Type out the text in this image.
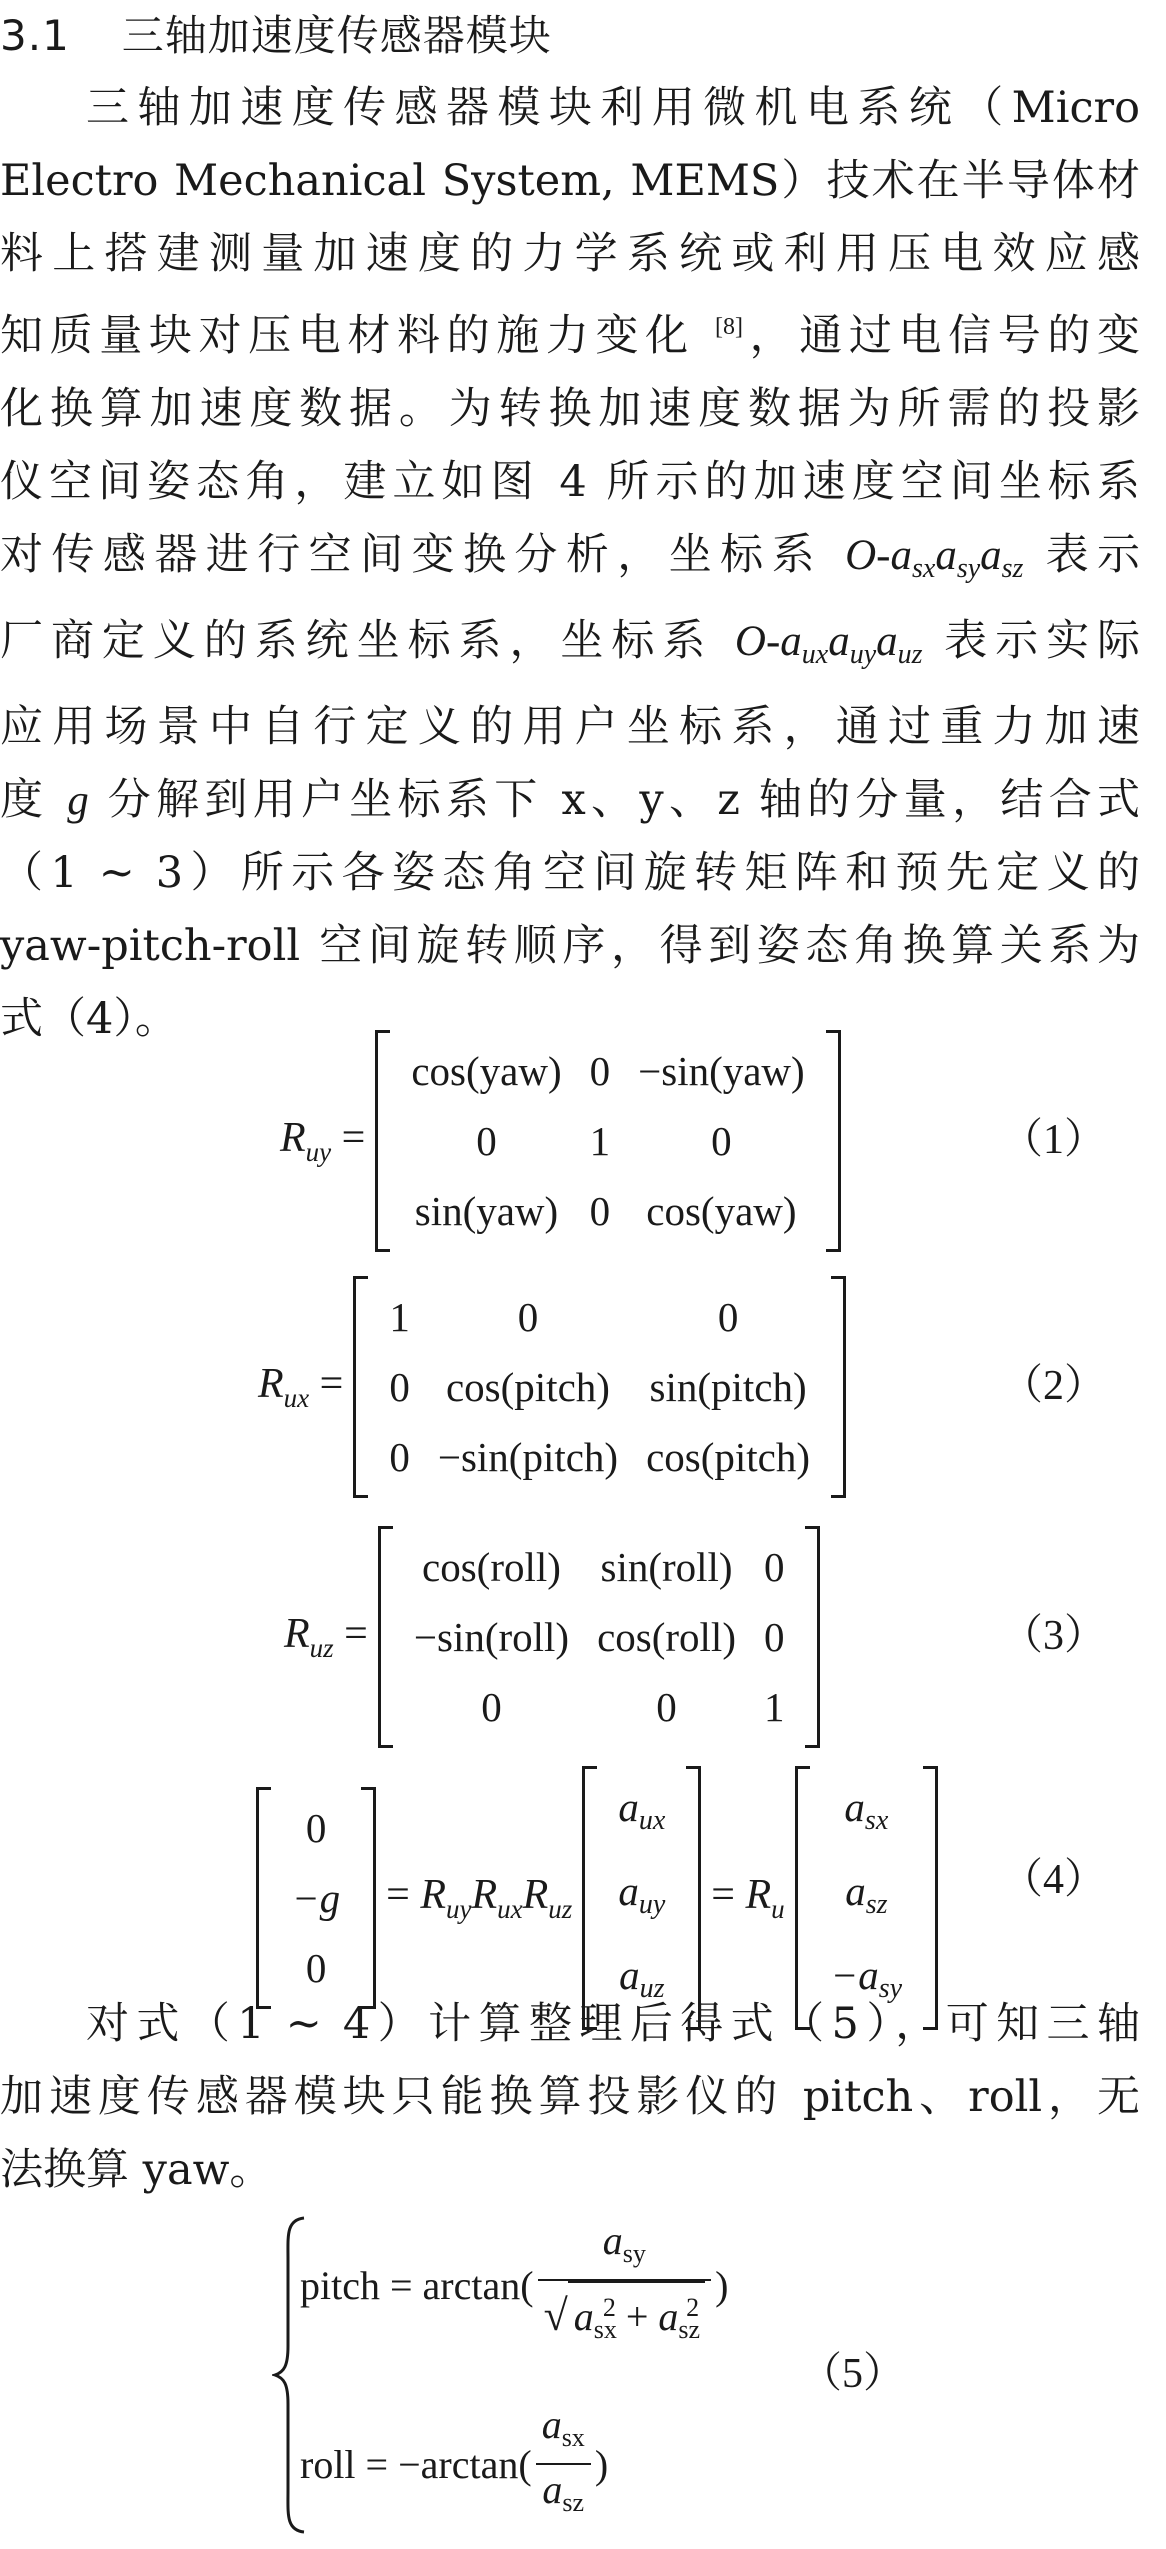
3.1 三轴加速度传感器模块
三轴加速度传感器模块利用微机电系统（Micro
Electro Mechanical System, MEMS）技术在半导体材
料上搭建测量加速度的力学系统或利用压电效应感
知质量块对压电材料的施力变化 [8]，通过电信号的变
化换算加速度数据。为转换加速度数据为所需的投影
仪空间姿态角，建立如图 4 所示的加速度空间坐标系
对传感器进行空间变换分析，坐标系 $O-a_{sx}a_{sy}a_{sz}$ 表示
厂商定义的系统坐标系，坐标系 $O-a_{ux}a_{uy}a_{uz}$ 表示实际
应用场景中自行定义的用户坐标系，通过重力加速
度 g 分解到用户坐标系下 x、y、z 轴的分量，结合式
（1 ~ 3）所示各姿态角空间旋转矩阵和预先定义的
yaw-pitch-roll 空间旋转顺序，得到姿态角换算关系为
式（4）。
$R_{uy}$ =
cos(yaw) 0 −sin(yaw)
0	1	0
sin(yaw) 0 cos(yaw)
（1）
$R_{ux}$ =
1	0	0
0 cos(pitch) sin(pitch)
0 −sin(pitch) cos(pitch)
（2）
$R_{uz}$ =
cos(roll) sin(roll) 0
−sin(roll) cos(roll) 0
0	0	1
（3）
0
−g
0
= $R_{uy}R_{ux}R_{uz}$
$a_{ux}$
$a_{uy}$
$a_{uz}$
= $R_u$
$a_{sx}$
$a_{sz}$
$-a_{sy}$
（4）
对式（1 ~ 4）计算整理后得式（5），可知三轴
加速度传感器模块只能换算投影仪的 pitch、roll，无
法换算 yaw。
pitch = $\arctan( \frac{a_{sy}}{√ a_{sx}^2 + a_{sz}^2}$ )
roll = $-\arctan( \frac{a_{sx}}{a_{sz}}$ )
（5）
